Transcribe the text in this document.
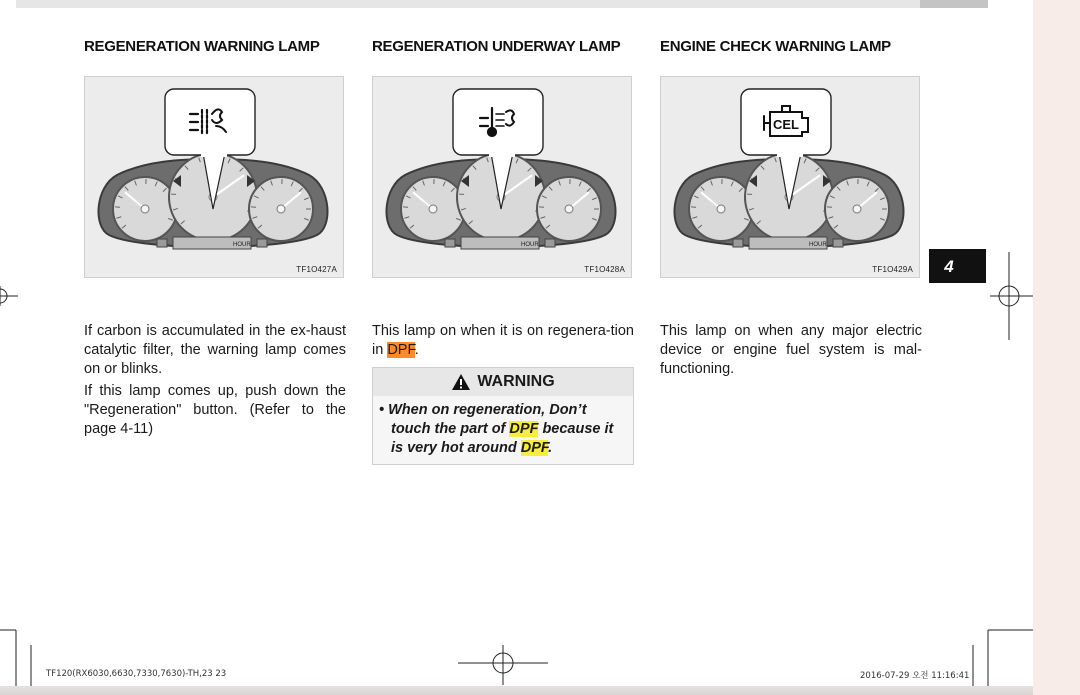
REGENERATION WARNING LAMP
HOUR
TF1O427A

If carbon is accumulated in the ex-haust catalytic filter, the warning lamp comes on or blinks.

If this lamp comes up, push down the "Regeneration" button. (Refer to the page 4-11)

REGENERATION UNDERWAY LAMP
HOUR
TF1O428A

This lamp on when it is on regenera-tion in DPF.

WARNING
• When on regeneration, Don’t touch the part of DPF because it is very hot around DPF.
ENGINE CHECK WARNING LAMP
HOUR
CEL
TF1O429A

This lamp on when any major electric device or engine fuel system is mal-functioning.

4
TF120(RX6030,6630,7330,7630)-TH,23 23	2016-07-29 오전 11:16:41
